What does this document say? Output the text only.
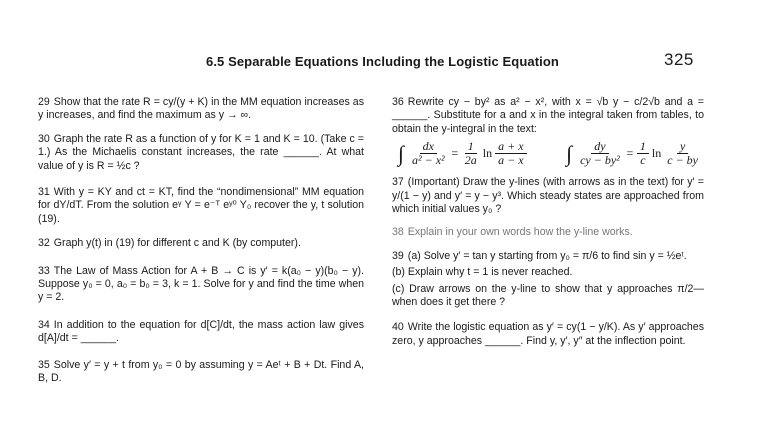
6.5 Separable Equations Including the Logistic Equation	325

29 Show that the rate R = cy/(y + K) in the MM equation increases as y increases, and find the maximum as y → ∞.

30 Graph the rate R as a function of y for K = 1 and K = 10. (Take c = 1.) As the Michaelis constant increases, the rate ______. At what value of y is R = ½c ?

31 With y = KY and ct = KT, find the “nondimensional” MM equation for dY/dT. From the solution eᵞ Y = e⁻ᵀ eʸ⁰ Y₀ recover the y, t solution (19).

32 Graph y(t) in (19) for different c and K (by computer).

33 The Law of Mass Action for A + B → C is y′ = k(a₀ − y)(b₀ − y). Suppose y₀ = 0, a₀ = b₀ = 3, k = 1. Solve for y and find the time when y = 2.

34 In addition to the equation for d[C]/dt, the mass action law gives d[A]/dt = ______.

35 Solve y′ = y + t from y₀ = 0 by assuming y = Aeᵗ + B + Dt. Find A, B, D.

36 Rewrite cy − by² as a² − x², with x = √b y − c/2√b and a = ______. Substitute for a and x in the integral taken from tables, to obtain the y-integral in the text:

∫ $\frac{dx}{\text{a² − x²}} = \frac{1}{2a}$ $\ln \frac{a + x}{a - x}$ ∫ $\frac{dy}{\text{cy − by²}} = \frac{1}{c}$ $\ln \frac{y}{c - by}$

37 (Important) Draw the y-lines (with arrows as in the text) for y′ = y/(1 − y) and y′ = y − y³. Which steady states are approached from which initial values y₀ ?

38 Explain in your own words how the y-line works.

39 (a) Solve y′ = tan y starting from y₀ = π/6 to find sin y = ½eᵗ.
(b) Explain why t = 1 is never reached.
(c) Draw arrows on the y-line to show that y approaches π/2—when does it get there ?

40 Write the logistic equation as y′ = cy(1 − y/K). As y′ approaches zero, y approaches ______. Find y, y′, y″ at the inflection point.
